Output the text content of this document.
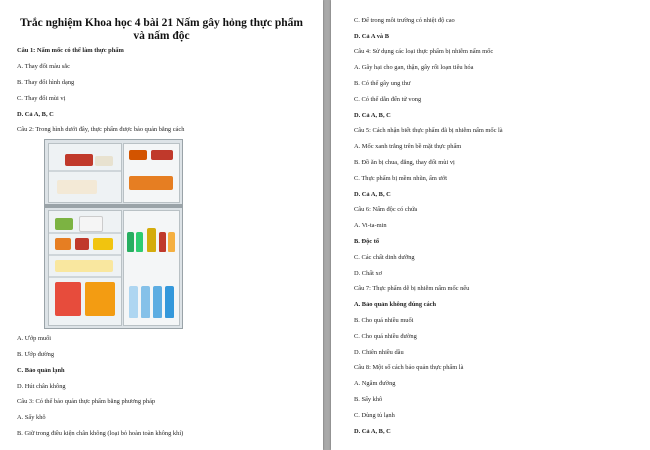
Trắc nghiệm Khoa học 4 bài 21 Nấm gây hỏng thực phẩm
và nấm độc
Câu 1: Nấm mốc có thể làm thực phẩm
A. Thay đổi màu sắc
B. Thay đổi hình dạng
C. Thay đổi mùi vị
D. Cả A, B, C
Câu 2: Trong hình dưới đây, thực phẩm được bảo quản bằng cách
A. Ướp muối
B. Ướp đường
C. Bảo quản lạnh
D. Hút chân không
Câu 3: Có thể bảo quản thực phẩm bằng phương pháp
A. Sấy khô
B. Giữ trong điều kiện chân không (loại bỏ hoàn toàn không khí)
C. Để trong môi trường có nhiệt độ cao
D. Cả A và B
Câu 4: Sử dụng các loại thực phẩm bị nhiễm nấm mốc
A. Gây hại cho gan, thận, gây rối loạn tiêu hóa
B. Có thể gây ung thư
C. Có thể dẫn đến tử vong
D. Cả A, B, C
Câu 5: Cách nhận biết thực phẩm đã bị nhiễm nấm mốc là
A. Mốc xanh trắng trên bề mặt thực phẩm
B. Đồ ăn bị chua, đắng, thay đổi mùi vị
C. Thực phẩm bị mềm nhũn, ẩm ướt
D. Cả A, B, C
Câu 6: Nấm độc có chứa
A. Vi-ta-min
B. Độc tố
C. Các chất dinh dưỡng
D. Chất xơ
Câu 7: Thực phẩm dễ bị nhiễm nấm mốc nếu
A. Bảo quản không đúng cách
B. Cho quá nhiều muối
C. Cho quá nhiều đường
D. Chiên nhiều dầu
Câu 8: Một số cách bảo quản thực phẩm là
A. Ngâm đường
B. Sấy khô
C. Dùng tủ lạnh
D. Cả A, B, C
